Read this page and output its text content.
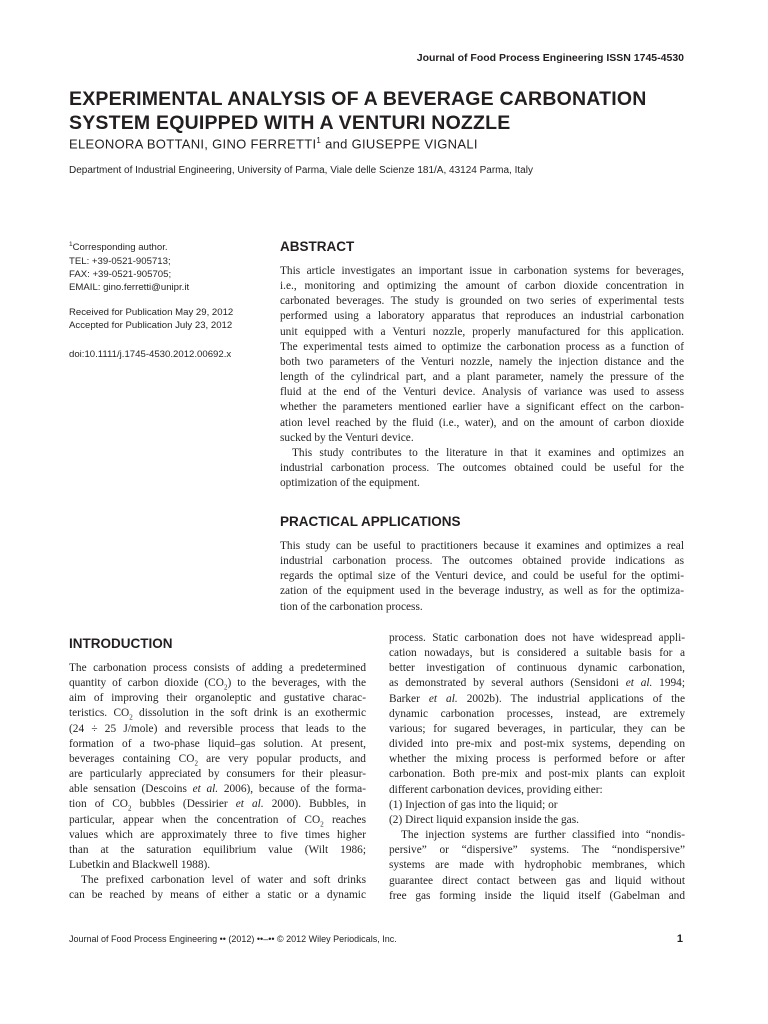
Journal of Food Process Engineering ISSN 1745-4530
EXPERIMENTAL ANALYSIS OF A BEVERAGE CARBONATION
SYSTEM EQUIPPED WITH A VENTURI NOZZLE
ELEONORA BOTTANI, GINO FERRETTI$^1$ and GIUSEPPE VIGNALI
Department of Industrial Engineering, University of Parma, Viale delle Scienze 181/A, 43124 Parma, Italy
$^1$Corresponding author.
TEL: +39-0521-905713;
FAX: +39-0521-905705;
EMAIL: gino.ferretti@unipr.it
Received for Publication May 29, 2012
Accepted for Publication July 23, 2012
doi:10.1111/j.1745-4530.2012.00692.x
ABSTRACT
This article investigates an important issue in carbonation systems for beverages,
i.e., monitoring and optimizing the amount of carbon dioxide concentration in
carbonated beverages. The study is grounded on two series of experimental tests
performed using a laboratory apparatus that reproduces an industrial carbonation
unit equipped with a Venturi nozzle, properly manufactured for this application.
The experimental tests aimed to optimize the carbonation process as a function of
both two parameters of the Venturi nozzle, namely the injection distance and the
length of the cylindrical part, and a plant parameter, namely the pressure of the
fluid at the end of the Venturi device. Analysis of variance was used to assess
whether the parameters mentioned earlier have a significant effect on the carbon-
ation level reached by the fluid (i.e., water), and on the amount of carbon dioxide
sucked by the Venturi device.
This study contributes to the literature in that it examines and optimizes an
industrial carbonation process. The outcomes obtained could be useful for the
optimization of the equipment.
PRACTICAL APPLICATIONS
This study can be useful to practitioners because it examines and optimizes a real
industrial carbonation process. The outcomes obtained provide indications as
regards the optimal size of the Venturi device, and could be useful for the optimi-
zation of the equipment used in the beverage industry, as well as for the optimiza-
tion of the carbonation process.
INTRODUCTION
The carbonation process consists of adding a predetermined
quantity of carbon dioxide $(CO_2)$ to the beverages, with the
aim of improving their organoleptic and gustative charac-
teristics. $CO_2$ dissolution in the soft drink is an exothermic
(24 ÷ 25 J/mole) and reversible process that leads to the
formation of a two-phase liquid–gas solution. At present,
beverages containing $CO_2$ are very popular products, and
are particularly appreciated by consumers for their pleasur-
able sensation (Descoins et al. 2006), because of the forma-
tion of $CO_2$ bubbles (Dessirier et al. 2000). Bubbles, in
particular, appear when the concentration of $CO_2$ reaches
values which are approximately three to five times higher
than at the saturation equilibrium value (Wilt 1986;
Lubetkin and Blackwell 1988).
The prefixed carbonation level of water and soft drinks
can be reached by means of either a static or a dynamic
process. Static carbonation does not have widespread appli-
cation nowadays, but is considered a suitable basis for a
better investigation of continuous dynamic carbonation,
as demonstrated by several authors (Sensidoni et al. 1994;
Barker et al. 2002b). The industrial applications of the
dynamic carbonation processes, instead, are extremely
various; for sugared beverages, in particular, they can be
divided into pre-mix and post-mix systems, depending on
whether the mixing process is performed before or after
carbonation. Both pre-mix and post-mix plants can exploit
different carbonation devices, providing either:
(1) Injection of gas into the liquid; or
(2) Direct liquid expansion inside the gas.
The injection systems are further classified into “nondis-
persive” or “dispersive” systems. The “nondispersive”
systems are made with hydrophobic membranes, which
guarantee direct contact between gas and liquid without
free gas forming inside the liquid itself (Gabelman and
Journal of Food Process Engineering •• (2012) ••–•• © 2012 Wiley Periodicals, Inc.	1
